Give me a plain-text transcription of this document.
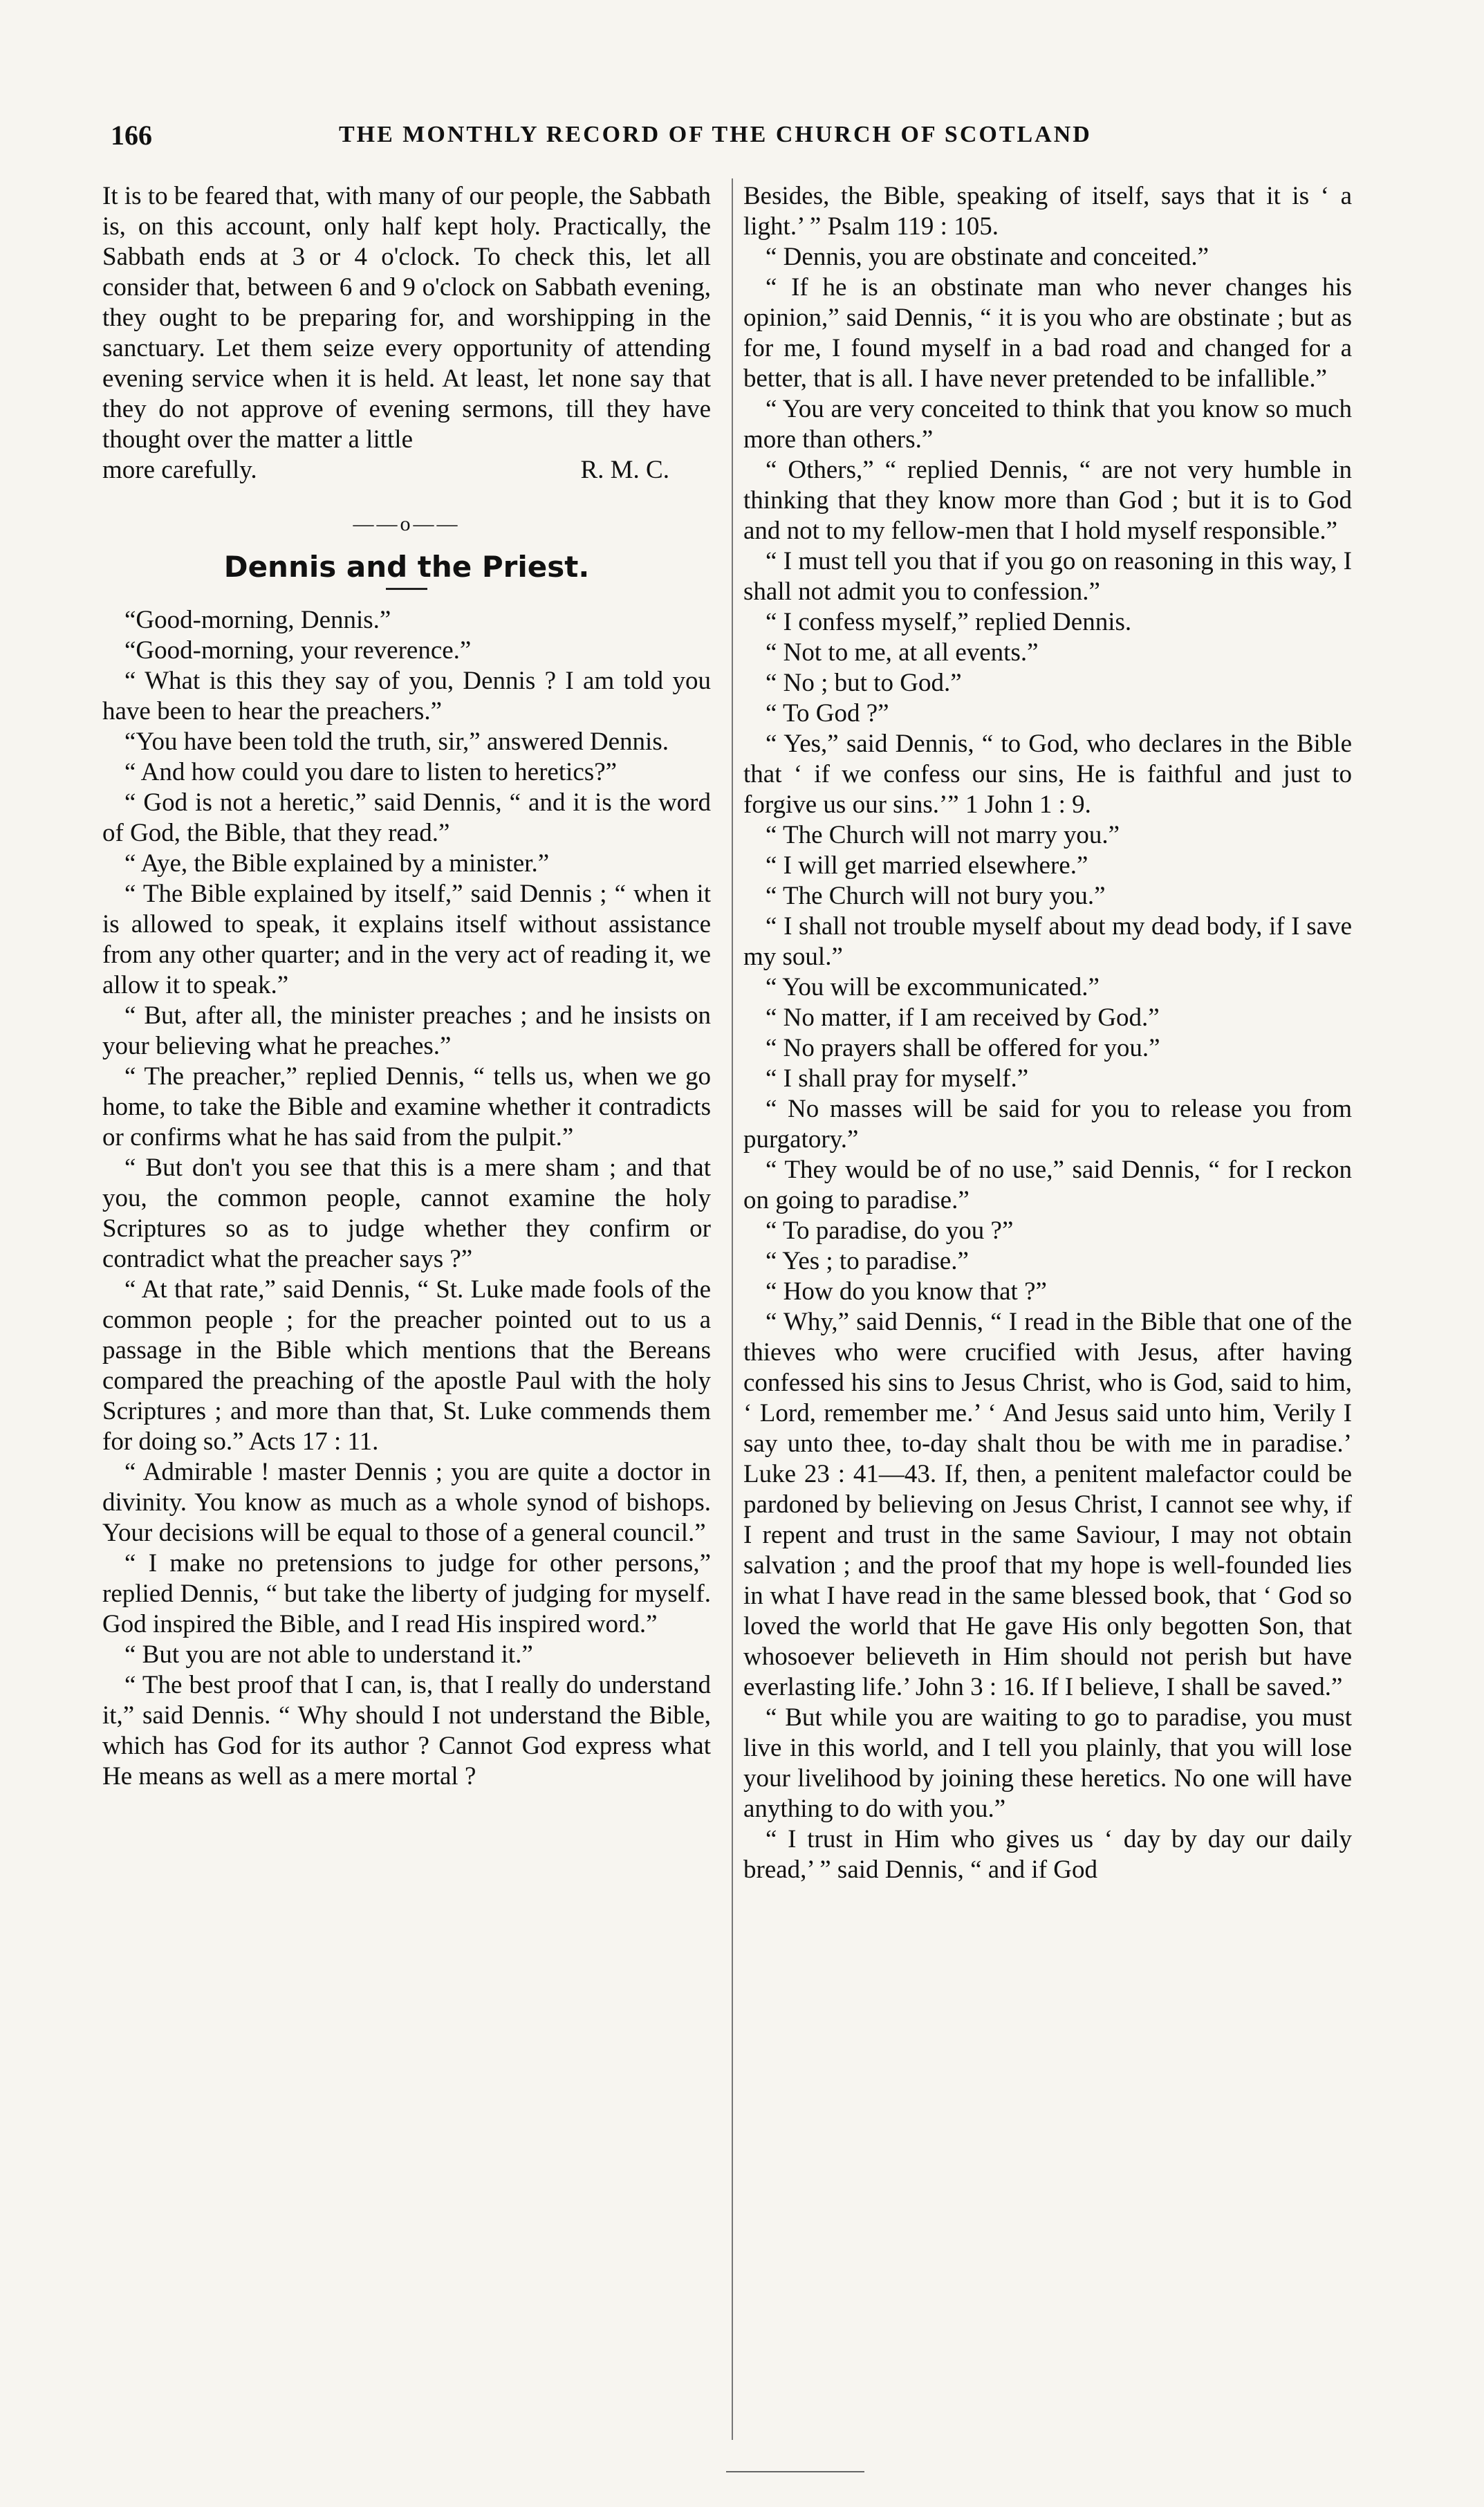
166	THE MONTHLY RECORD OF THE CHURCH OF SCOTLAND

It is to be feared that, with many of our people, the Sabbath is, on this account, only half kept holy. Practically, the Sabbath ends at 3 or 4 o'clock. To check this, let all consider that, between 6 and 9 o'clock on Sabbath evening, they ought to be preparing for, and worshipping in the sanctuary. Let them seize every opportunity of attending evening service when it is held. At least, let none say that they do not approve of evening sermons, till they have thought over the matter a little

more carefully.	R. M. C.
——o——
Dennis and the Priest.

“Good-morning, Dennis.”

“Good-morning, your reverence.”

“ What is this they say of you, Dennis ? I am told you have been to hear the preachers.”

“You have been told the truth, sir,” answered Dennis.

“ And how could you dare to listen to heretics?”

“ God is not a heretic,” said Dennis, “ and it is the word of God, the Bible, that they read.”

“ Aye, the Bible explained by a minister.”

“ The Bible explained by itself,” said Dennis ; “ when it is allowed to speak, it explains itself without assistance from any other quarter; and in the very act of reading it, we allow it to speak.”

“ But, after all, the minister preaches ; and he insists on your believing what he preaches.”

“ The preacher,” replied Dennis, “ tells us, when we go home, to take the Bible and examine whether it contradicts or confirms what he has said from the pulpit.”

“ But don't you see that this is a mere sham ; and that you, the common people, cannot examine the holy Scriptures so as to judge whether they confirm or contradict what the preacher says ?”

“ At that rate,” said Dennis, “ St. Luke made fools of the common people ; for the preacher pointed out to us a passage in the Bible which mentions that the Bereans compared the preaching of the apostle Paul with the holy Scriptures ; and more than that, St. Luke commends them for doing so.” Acts 17 : 11.

“ Admirable ! master Dennis ; you are quite a doctor in divinity. You know as much as a whole synod of bishops. Your decisions will be equal to those of a general council.”

“ I make no pretensions to judge for other persons,” replied Dennis, “ but take the liberty of judging for myself. God inspired the Bible, and I read His inspired word.”

“ But you are not able to understand it.”

“ The best proof that I can, is, that I really do understand it,” said Dennis. “ Why should I not understand the Bible, which has God for its author ? Cannot God express what He means as well as a mere mortal ?

Besides, the Bible, speaking of itself, says that it is ‘ a light.’ ” Psalm 119 : 105.

“ Dennis, you are obstinate and conceited.”

“ If he is an obstinate man who never changes his opinion,” said Dennis, “ it is you who are obstinate ; but as for me, I found myself in a bad road and changed for a better, that is all. I have never pretended to be infallible.”

“ You are very conceited to think that you know so much more than others.”

“ Others,” “ replied Dennis, “ are not very humble in thinking that they know more than God ; but it is to God and not to my fellow-men that I hold myself responsible.”

“ I must tell you that if you go on reasoning in this way, I shall not admit you to confession.”

“ I confess myself,” replied Dennis.

“ Not to me, at all events.”

“ No ; but to God.”

“ To God ?”

“ Yes,” said Dennis, “ to God, who declares in the Bible that ‘ if we confess our sins, He is faithful and just to forgive us our sins.’” 1 John 1 : 9.

“ The Church will not marry you.”

“ I will get married elsewhere.”

“ The Church will not bury you.”

“ I shall not trouble myself about my dead body, if I save my soul.”

“ You will be excommunicated.”

“ No matter, if I am received by God.”

“ No prayers shall be offered for you.”

“ I shall pray for myself.”

“ No masses will be said for you to release you from purgatory.”

“ They would be of no use,” said Dennis, “ for I reckon on going to paradise.”

“ To paradise, do you ?”

“ Yes ; to paradise.”

“ How do you know that ?”

“ Why,” said Dennis, “ I read in the Bible that one of the thieves who were crucified with Jesus, after having confessed his sins to Jesus Christ, who is God, said to him, ‘ Lord, remember me.’ ‘ And Jesus said unto him, Verily I say unto thee, to-day shalt thou be with me in paradise.’ Luke 23 : 41—43. If, then, a penitent malefactor could be pardoned by believing on Jesus Christ, I cannot see why, if I repent and trust in the same Saviour, I may not obtain salvation ; and the proof that my hope is well-founded lies in what I have read in the same blessed book, that ‘ God so loved the world that He gave His only begotten Son, that whosoever believeth in Him should not perish but have everlasting life.’ John 3 : 16. If I believe, I shall be saved.”

“ But while you are waiting to go to paradise, you must live in this world, and I tell you plainly, that you will lose your livelihood by joining these heretics. No one will have anything to do with you.”

“ I trust in Him who gives us ‘ day by day our daily bread,’ ” said Dennis, “ and if God
